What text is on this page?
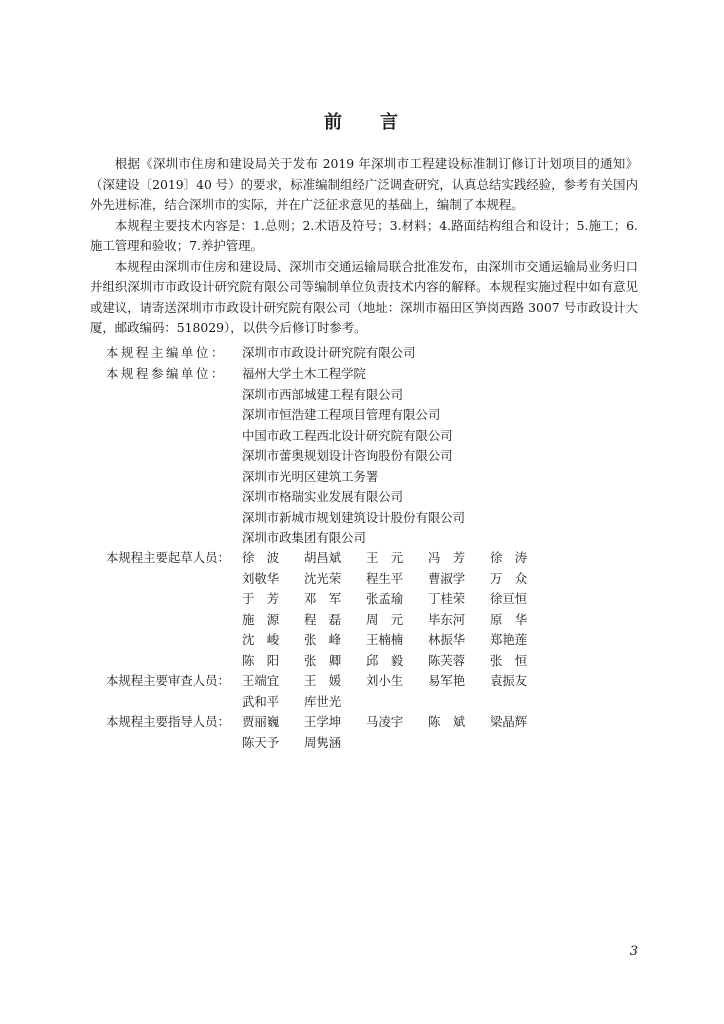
前 言

根据《深圳市住房和建设局关于发布 2019 年深圳市工程建设标准制订修订计划项目的通知》（深建设〔2019〕40 号）的要求，标准编制组经广泛调查研究，认真总结实践经验，参考有关国内外先进标准，结合深圳市的实际，并在广泛征求意见的基础上，编制了本规程。

本规程主要技术内容是：1.总则；2.术语及符号；3.材料；4.路面结构组合和设计；5.施工；6.施工管理和验收；7.养护管理。

本规程由深圳市住房和建设局、深圳市交通运输局联合批准发布，由深圳市交通运输局业务归口并组织深圳市市政设计研究院有限公司等编制单位负责技术内容的解释。本规程实施过程中如有意见或建议，请寄送深圳市市政设计研究院有限公司（地址：深圳市福田区笋岗西路 3007 号市政设计大厦，邮政编码：518029），以供今后修订时参考。

本规程主编单位：	深圳市市政设计研究院有限公司
本规程参编单位：	福州大学土木工程学院
深圳市西部城建工程有限公司
深圳市恒浩建工程项目管理有限公司
中国市政工程西北设计研究院有限公司
深圳市蕾奥规划设计咨询股份有限公司
深圳市光明区建筑工务署
深圳市格瑞实业发展有限公司
深圳市新城市规划建筑设计股份有限公司
深圳市政集团有限公司
本规程主要起草人员： 徐　波	胡昌斌	王　元	冯　芳	徐　涛
刘敬华	沈光荣	程生平	曹淑学	万　众
于　芳	邓　军	张孟瑜	丁桂荣	徐亘恒
施　源	程　磊	周　元	毕东河	原　华
沈　峻	张　峰	王楠楠	林振华	郑艳莲
陈　阳	张　卿	邱　毅	陈芙蓉	张　恒
本规程主要审查人员： 王端宜	王　媛	刘小生	易军艳	袁振友
武和平	库世光
本规程主要指导人员： 贾丽巍	王学坤	马凌宇	陈　斌	梁晶辉
陈天予	周隽涵
3
